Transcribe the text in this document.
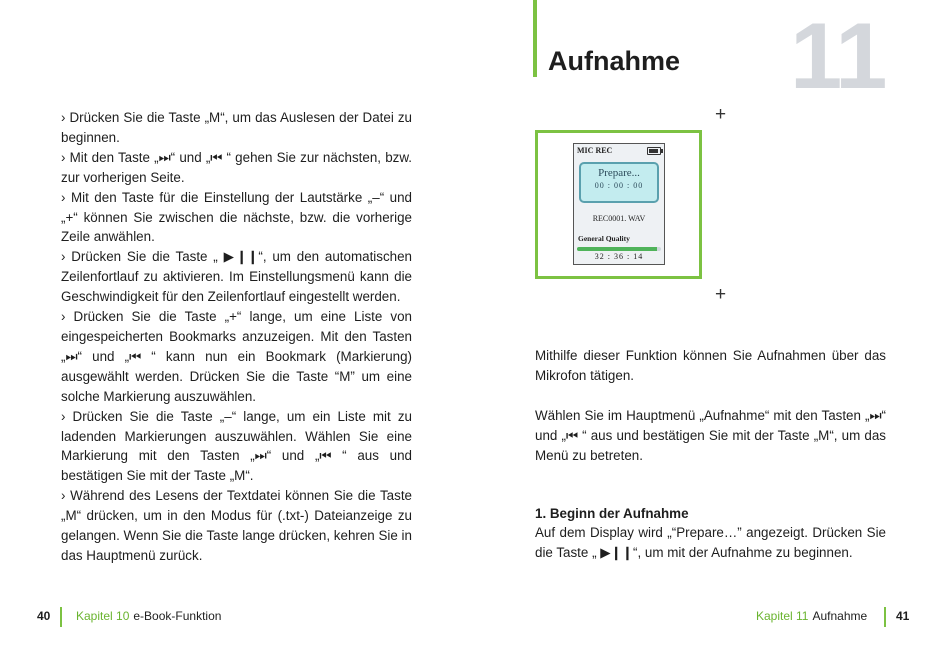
› Drücken Sie die Taste „M“, um das Auslesen der Datei zu beginnen.

› Mit den Taste „⏭“ und „⏮ “ gehen Sie zur nächsten, bzw. zur vorherigen Seite.

› Mit den Taste für die Einstellung der Lautstärke „–“ und „+“ können Sie zwischen die nächste, bzw. die vorherige Zeile anwählen.

› Drücken Sie die Taste „ ▶❙❙“, um den automatischen Zeilenfortlauf zu aktivieren. Im Einstellungsmenü kann die Geschwindigkeit für den Zeilenfortlauf eingestellt werden.

› Drücken Sie die Taste „+“ lange, um eine Liste von eingespeicherten Bookmarks anzuzeigen. Mit den Tasten „⏭“ und „⏮ “ kann nun ein Bookmark (Markierung) ausgewählt werden. Drücken Sie die Taste “M” um eine solche Markierung auszuwählen.

› Drücken Sie die Taste „–“ lange, um ein Liste mit zu ladenden Markierungen auszuwählen. Wählen Sie eine Markierung mit den Tasten „⏭“ und „⏮ “ aus und bestätigen Sie mit der Taste „M“.

› Während des Lesens der Textdatei können Sie die Taste „M“ drücken, um in den Modus für (.txt-) Dateianzeige zu gelangen. Wenn Sie die Taste lange drücken, kehren Sie in das Hauptmenü zurück.

Aufnahme 11
+
MIC REC
Prepare...
00 : 00 : 00
REC0001. WAV
General Quality
32 : 36 : 14
+

Mithilfe dieser Funktion können Sie Aufnahmen über das Mikrofon tätigen.

Wählen Sie im Hauptmenü „Aufnahme“ mit den Tasten „⏭“ und „⏮ “ aus und bestätigen Sie mit der Taste „M“, um das Menü zu betreten.

1. Beginn der Aufnahme

Auf dem Display wird „“Prepare…” angezeigt. Drücken Sie die Taste „ ▶❙❙“, um mit der Aufnahme zu beginnen.

40 Kapitel 10 e-Book-Funktion	Kapitel 11 Aufnahme 41
